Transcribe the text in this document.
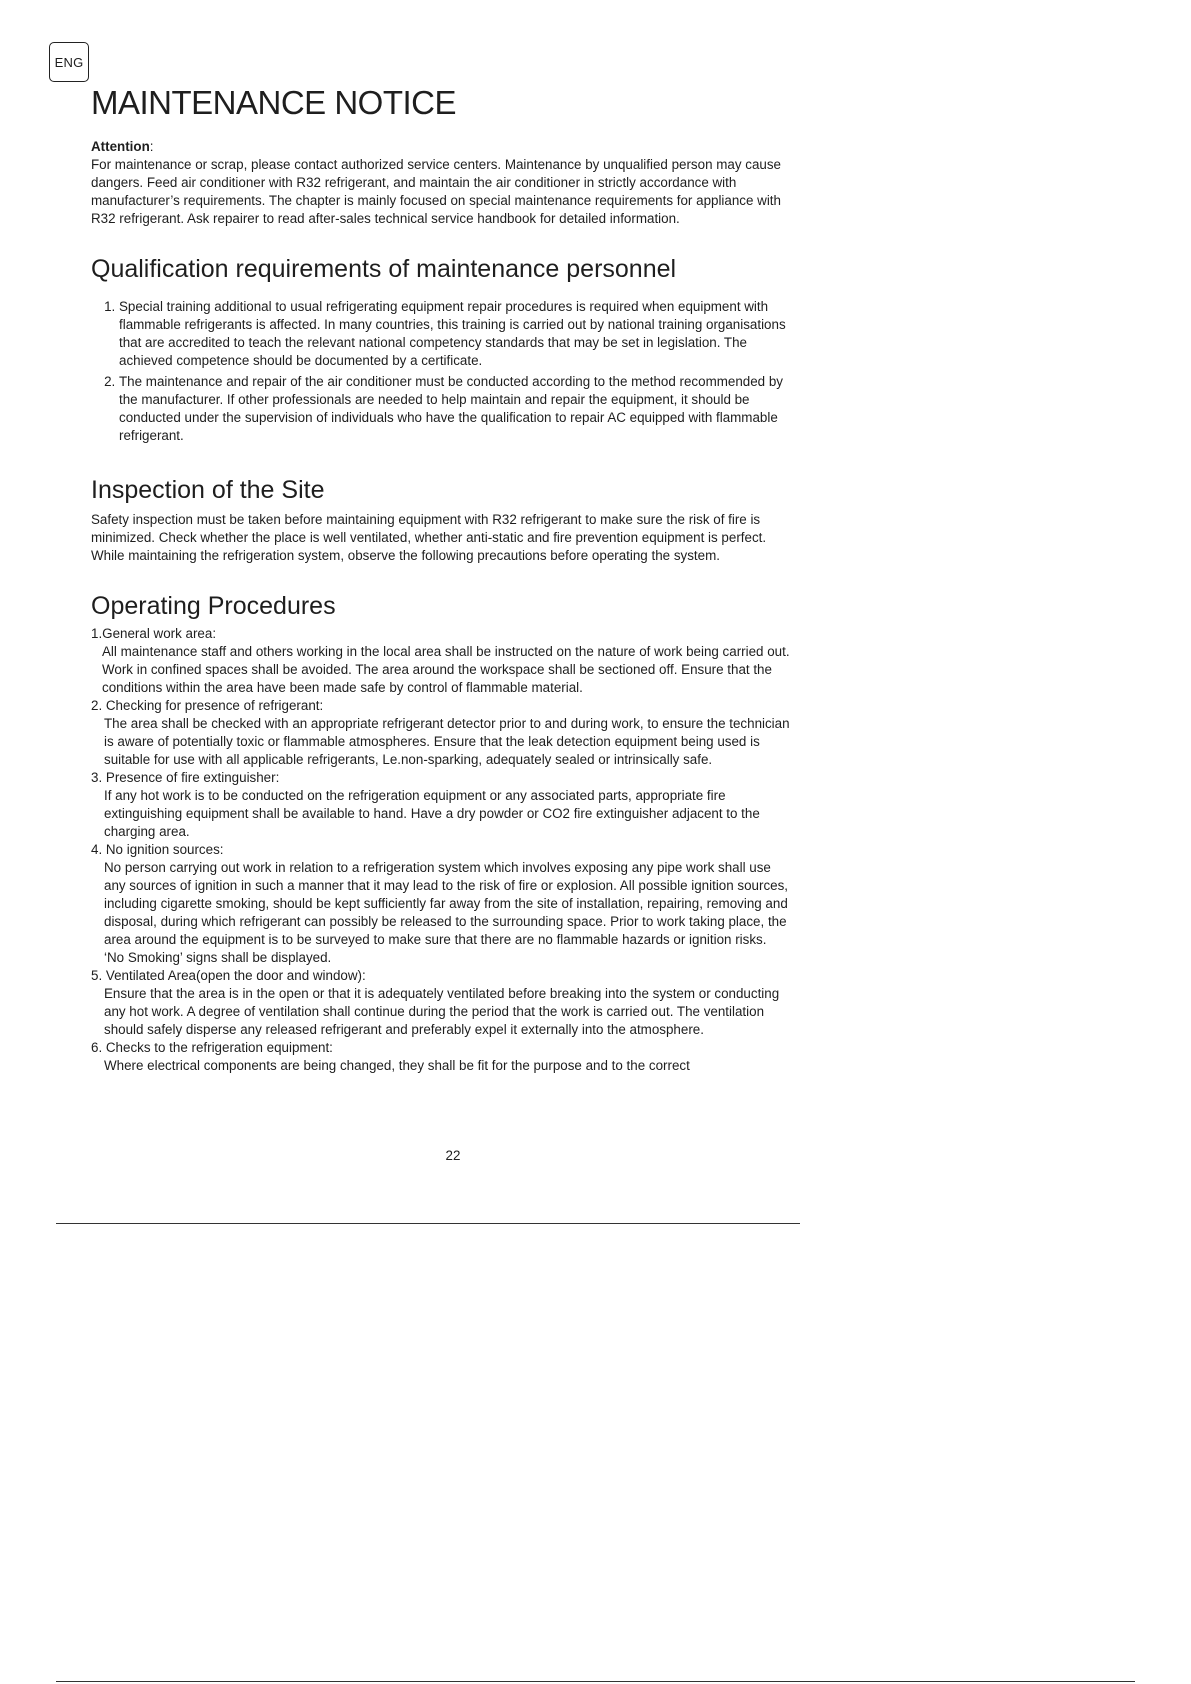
ENG
MAINTENANCE NOTICE
Attention:

For maintenance or scrap, please contact authorized service centers. Maintenance by unqualified person may cause dangers. Feed air conditioner with R32 refrigerant, and maintain the air conditioner in strictly accordance with manufacturer’s requirements. The chapter is mainly focused on special maintenance requirements for appliance with R32 refrigerant. Ask repairer to read after-sales technical service handbook for detailed information.

Qualification requirements of maintenance personnel
1. Special training additional to usual refrigerating equipment repair procedures is required when equipment with flammable refrigerants is affected. In many countries, this training is carried out by national training organisations that are accredited to teach the relevant national competency standards that may be set in legislation. The achieved competence should be documented by a certificate.
2. The maintenance and repair of the air conditioner must be conducted according to the method recommended by the manufacturer. If other professionals are needed to help maintain and repair the equipment, it should be conducted under the supervision of individuals who have the qualification to repair AC equipped with flammable refrigerant.
Inspection of the Site

Safety inspection must be taken before maintaining equipment with R32 refrigerant to make sure the risk of fire is minimized. Check whether the place is well ventilated, whether anti-static and fire prevention equipment is perfect. While maintaining the refrigeration system, observe the following precautions before operating the system.

Operating Procedures
1.General work area:
All maintenance staff and others working in the local area shall be instructed on the nature of work being carried out. Work in confined spaces shall be avoided. The area around the workspace shall be sectioned off. Ensure that the conditions within the area have been made safe by control of flammable material.
2. Checking for presence of refrigerant:
The area shall be checked with an appropriate refrigerant detector prior to and during work, to ensure the technician is aware of potentially toxic or flammable atmospheres. Ensure that the leak detection equipment being used is suitable for use with all applicable refrigerants, Le.non-sparking, adequately sealed or intrinsically safe.
3. Presence of fire extinguisher:
If any hot work is to be conducted on the refrigeration equipment or any associated parts, appropriate fire extinguishing equipment shall be available to hand. Have a dry powder or CO2 fire extinguisher adjacent to the charging area.
4. No ignition sources:
No person carrying out work in relation to a refrigeration system which involves exposing any pipe work shall use any sources of ignition in such a manner that it may lead to the risk of fire or explosion. All possible ignition sources, including cigarette smoking, should be kept sufficiently far away from the site of installation, repairing, removing and disposal, during which refrigerant can possibly be released to the surrounding space. Prior to work taking place, the area around the equipment is to be surveyed to make sure that there are no flammable hazards or ignition risks.
‘No Smoking’ signs shall be displayed.
5. Ventilated Area(open the door and window):
Ensure that the area is in the open or that it is adequately ventilated before breaking into the system or conducting any hot work. A degree of ventilation shall continue during the period that the work is carried out. The ventilation should safely disperse any released refrigerant and preferably expel it externally into the atmosphere.
6. Checks to the refrigeration equipment:
Where electrical components are being changed, they shall be fit for the purpose and to the correct
22
